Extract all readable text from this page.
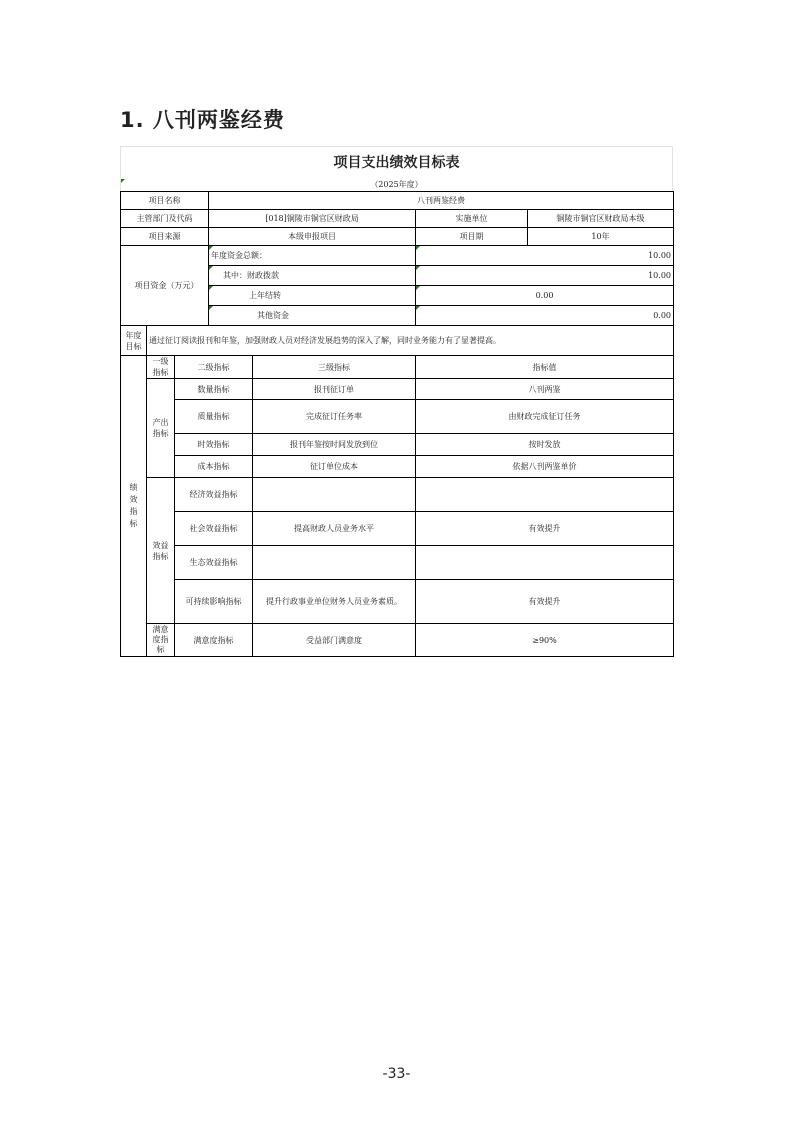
1. 八刊两鉴经费
项目支出绩效目标表
（2025年度）
项目名称	八刊两鉴经费		
主管部门及代码	[018]铜陵市铜官区财政局	实施单位	铜陵市铜官区财政局本级
项目来源	本级申报项目	项目期	10年
项目资金（万元）	年度资金总额：	10.00

其中：财政拨款	10.00

上年结转	0.00

其他资金	0.00
年度目标	通过征订阅读报刊和年鉴，加强财政人员对经济发展趋势的深入了解，同时业务能力有了显著提高。
绩效指标	一级指标	二级指标	三级指标	指标值
	产出指标	数量指标	报刊征订单	八刊两鉴
		质量指标	完成征订任务率	由财政完成征订任务
		时效指标	报刊年鉴按时间发放到位	按时发放
		成本指标	征订单位成本	依据八刊两鉴单价
	效益指标	经济效益指标		
		社会效益指标	提高财政人员业务水平	有效提升
		生态效益指标		
		可持续影响指标	提升行政事业单位财务人员业务素质。	有效提升
	满意度指标	满意度指标	受益部门满意度	≥90%
-33-
